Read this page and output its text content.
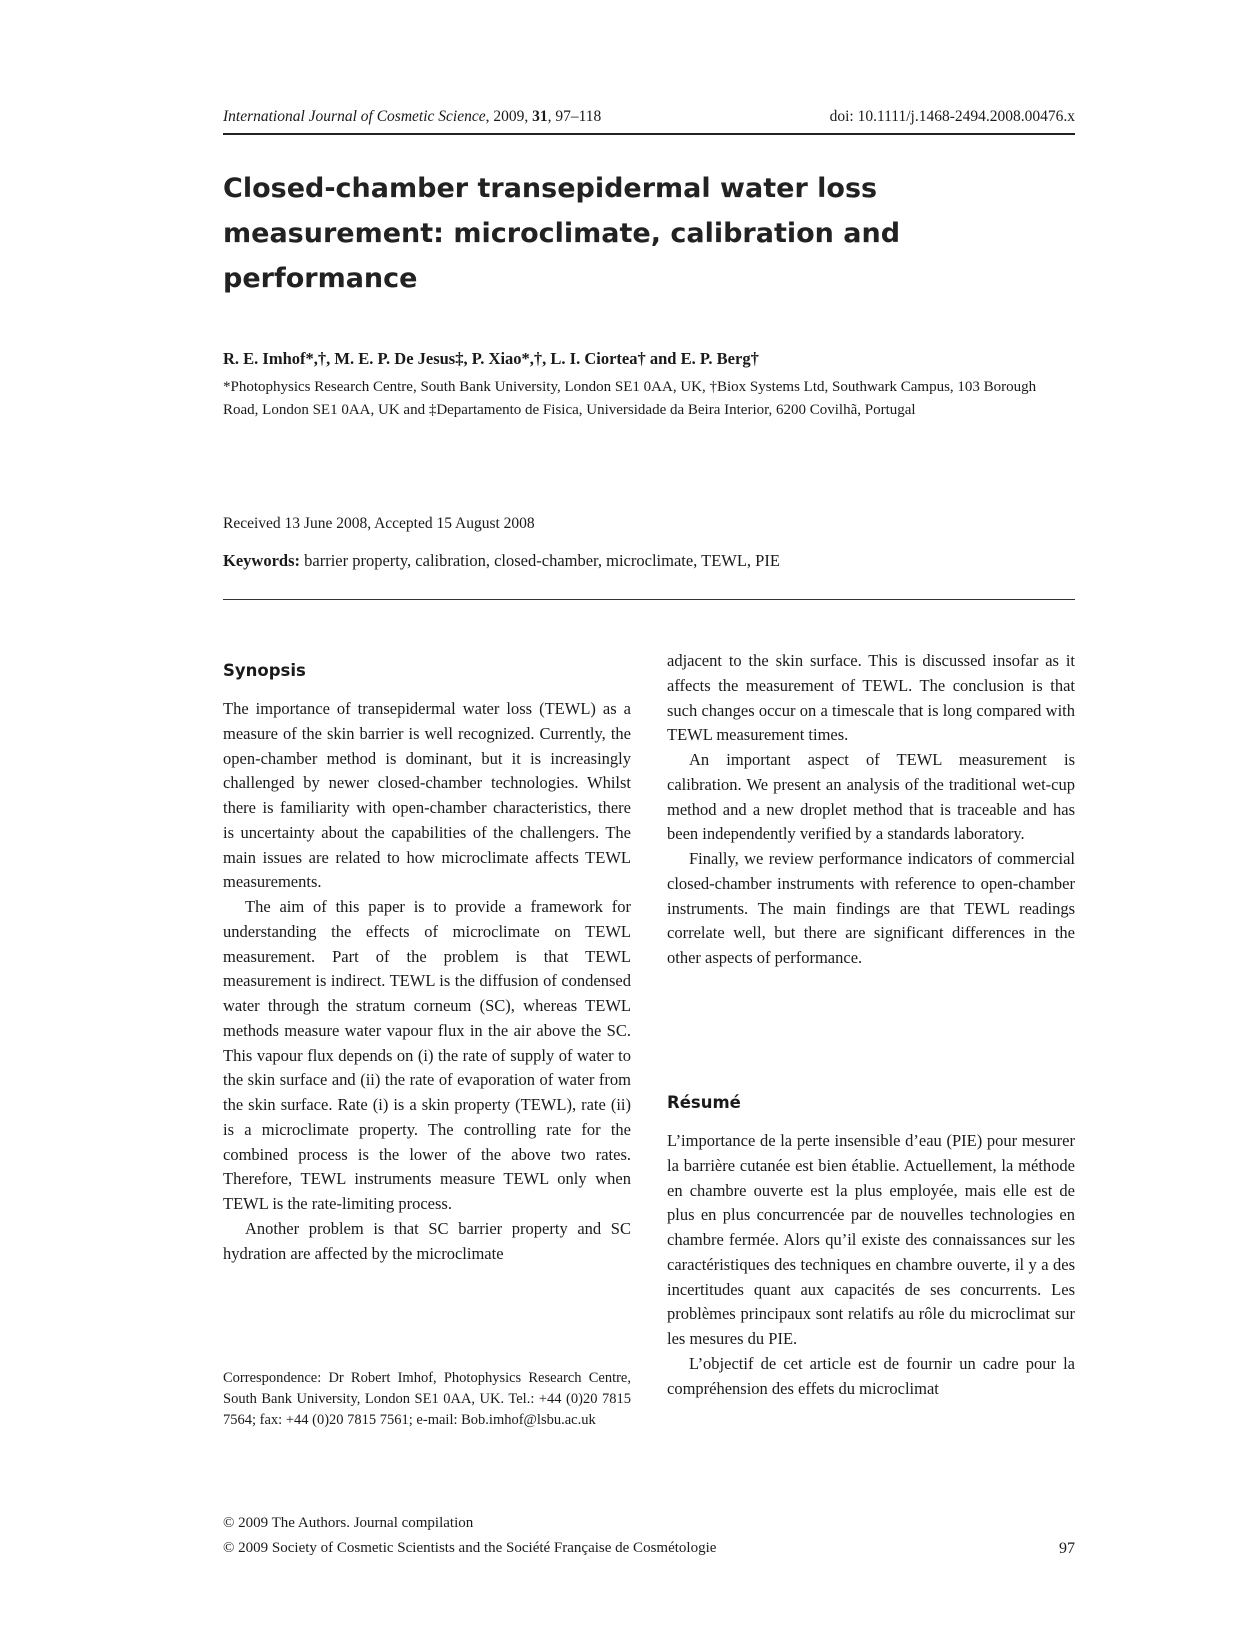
International Journal of Cosmetic Science, 2009, 31, 97–118	doi: 10.1111/j.1468-2494.2008.00476.x
Closed-chamber transepidermal water loss measurement: microclimate, calibration and performance

R. E. Imhof*,†, M. E. P. De Jesus‡, P. Xiao*,†, L. I. Ciortea† and E. P. Berg†

*Photophysics Research Centre, South Bank University, London SE1 0AA, UK, †Biox Systems Ltd, Southwark Campus, 103 Borough Road, London SE1 0AA, UK and ‡Departamento de Fisica, Universidade da Beira Interior, 6200 Covilhã, Portugal

Received 13 June 2008, Accepted 15 August 2008

Keywords: barrier property, calibration, closed-chamber, microclimate, TEWL, PIE

Synopsis

The importance of transepidermal water loss (TEWL) as a measure of the skin barrier is well recognized. Currently, the open-chamber method is dominant, but it is increasingly challenged by newer closed-chamber technologies. Whilst there is familiarity with open-chamber characteristics, there is uncertainty about the capabilities of the challengers. The main issues are related to how microclimate affects TEWL measurements.

The aim of this paper is to provide a framework for understanding the effects of microclimate on TEWL measurement. Part of the problem is that TEWL measurement is indirect. TEWL is the diffusion of condensed water through the stratum corneum (SC), whereas TEWL methods measure water vapour flux in the air above the SC. This vapour flux depends on (i) the rate of supply of water to the skin surface and (ii) the rate of evaporation of water from the skin surface. Rate (i) is a skin property (TEWL), rate (ii) is a microclimate property. The controlling rate for the combined process is the lower of the above two rates. Therefore, TEWL instruments measure TEWL only when TEWL is the rate-limiting process.

Another problem is that SC barrier property and SC hydration are affected by the microclimate

Correspondence: Dr Robert Imhof, Photophysics Research Centre, South Bank University, London SE1 0AA, UK. Tel.: +44 (0)20 7815 7564; fax: +44 (0)20 7815 7561; e-mail: Bob.imhof@lsbu.ac.uk

adjacent to the skin surface. This is discussed insofar as it affects the measurement of TEWL. The conclusion is that such changes occur on a timescale that is long compared with TEWL measurement times.

An important aspect of TEWL measurement is calibration. We present an analysis of the traditional wet-cup method and a new droplet method that is traceable and has been independently verified by a standards laboratory.

Finally, we review performance indicators of commercial closed-chamber instruments with reference to open-chamber instruments. The main findings are that TEWL readings correlate well, but there are significant differences in the other aspects of performance.

Résumé

L’importance de la perte insensible d’eau (PIE) pour mesurer la barrière cutanée est bien établie. Actuellement, la méthode en chambre ouverte est la plus employée, mais elle est de plus en plus concurrencée par de nouvelles technologies en chambre fermée. Alors qu’il existe des connaissances sur les caractéristiques des techniques en chambre ouverte, il y a des incertitudes quant aux capacités de ses concurrents. Les problèmes principaux sont relatifs au rôle du microclimat sur les mesures du PIE.

L’objectif de cet article est de fournir un cadre pour la compréhension des effets du microclimat

© 2009 The Authors. Journal compilation

© 2009 Society of Cosmetic Scientists and the Société Française de Cosmétologie	97
